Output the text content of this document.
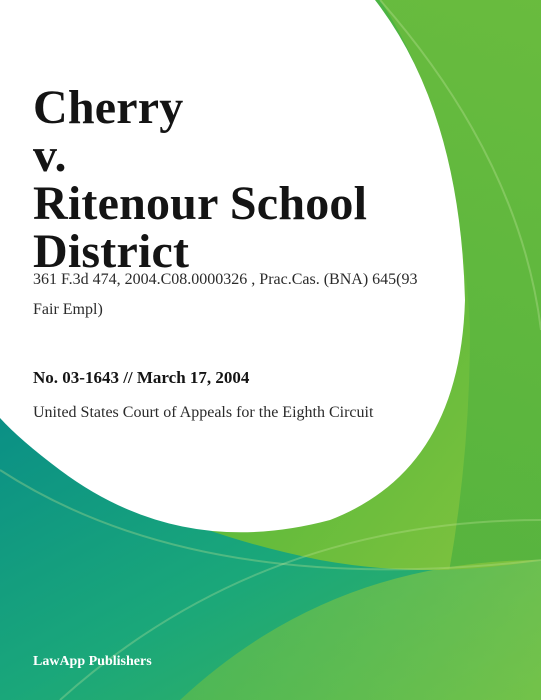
Cherry
v.
Ritenour School
District
361 F.3d 474, 2004.C08.0000326 , Prac.Cas. (BNA) 645(93 Fair Empl)
No. 03-1643 // March 17, 2004
United States Court of Appeals for the Eighth Circuit
LawApp Publishers
